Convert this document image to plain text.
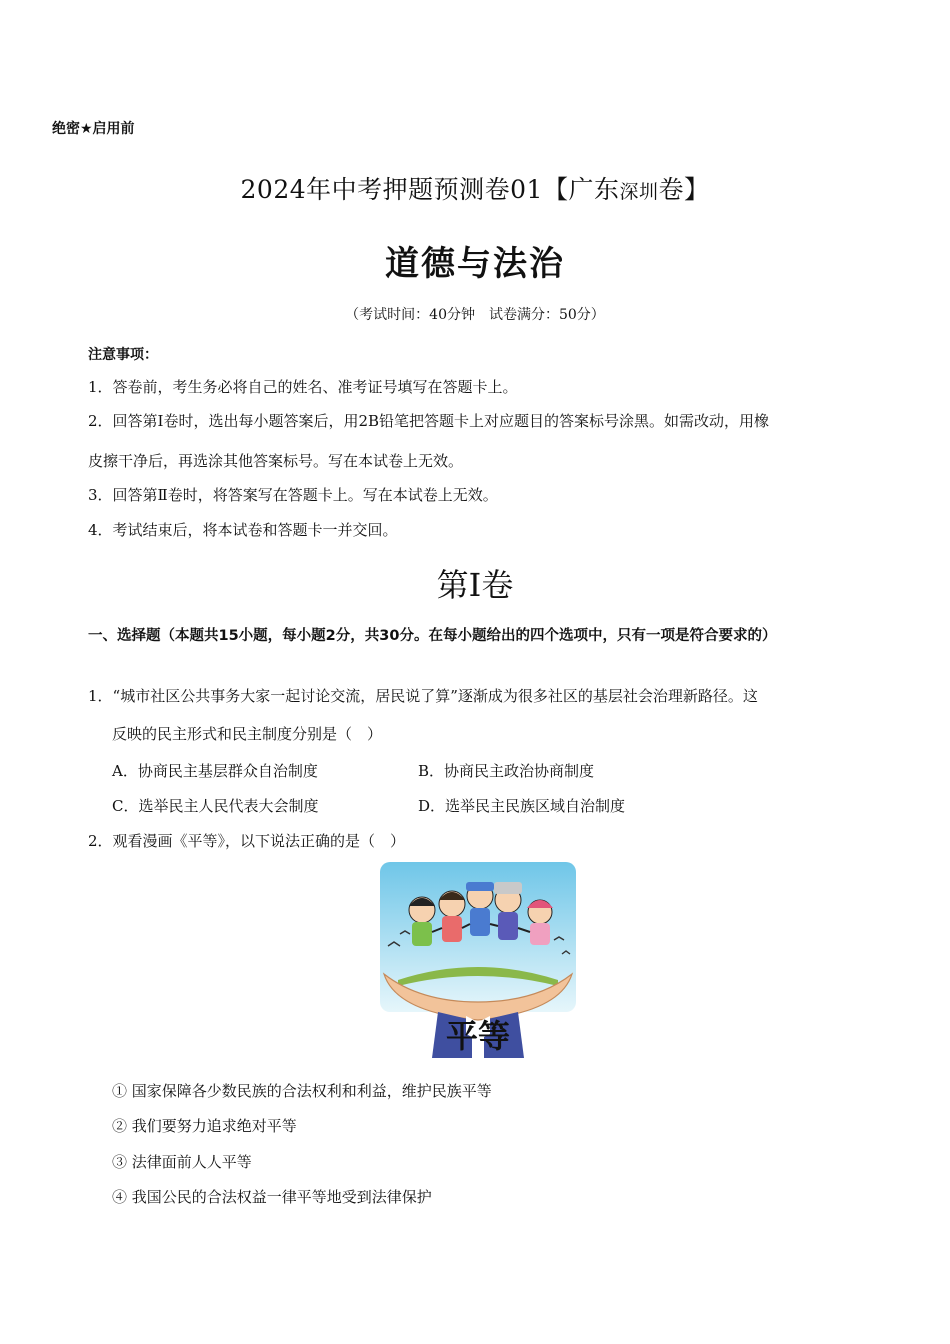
绝密★启用前
2024年中考押题预测卷01【广东深圳卷】
道德与法治
（考试时间：40分钟　试卷满分：50分）
注意事项：
1．答卷前，考生务必将自己的姓名、准考证号填写在答题卡上。
2．回答第Ⅰ卷时，选出每小题答案后，用2B铅笔把答题卡上对应题目的答案标号涂黑。如需改动，用橡
皮擦干净后，再选涂其他答案标号。写在本试卷上无效。
3．回答第Ⅱ卷时，将答案写在答题卡上。写在本试卷上无效。
4．考试结束后，将本试卷和答题卡一并交回。
第Ⅰ卷
一、选择题（本题共15小题，每小题2分，共30分。在每小题给出的四个选项中，只有一项是符合要求的）
1．“城市社区公共事务大家一起讨论交流，居民说了算”逐渐成为很多社区的基层社会治理新路径。这
反映的民主形式和民主制度分别是（　）
A．协商民主基层群众自治制度	B．协商民主政治协商制度
C．选举民主人民代表大会制度	D．选举民主民族区域自治制度
2．观看漫画《平等》，以下说法正确的是（　）
平等
① 国家保障各少数民族的合法权利和利益，维护民族平等
② 我们要努力追求绝对平等
③ 法律面前人人平等
④ 我国公民的合法权益一律平等地受到法律保护
